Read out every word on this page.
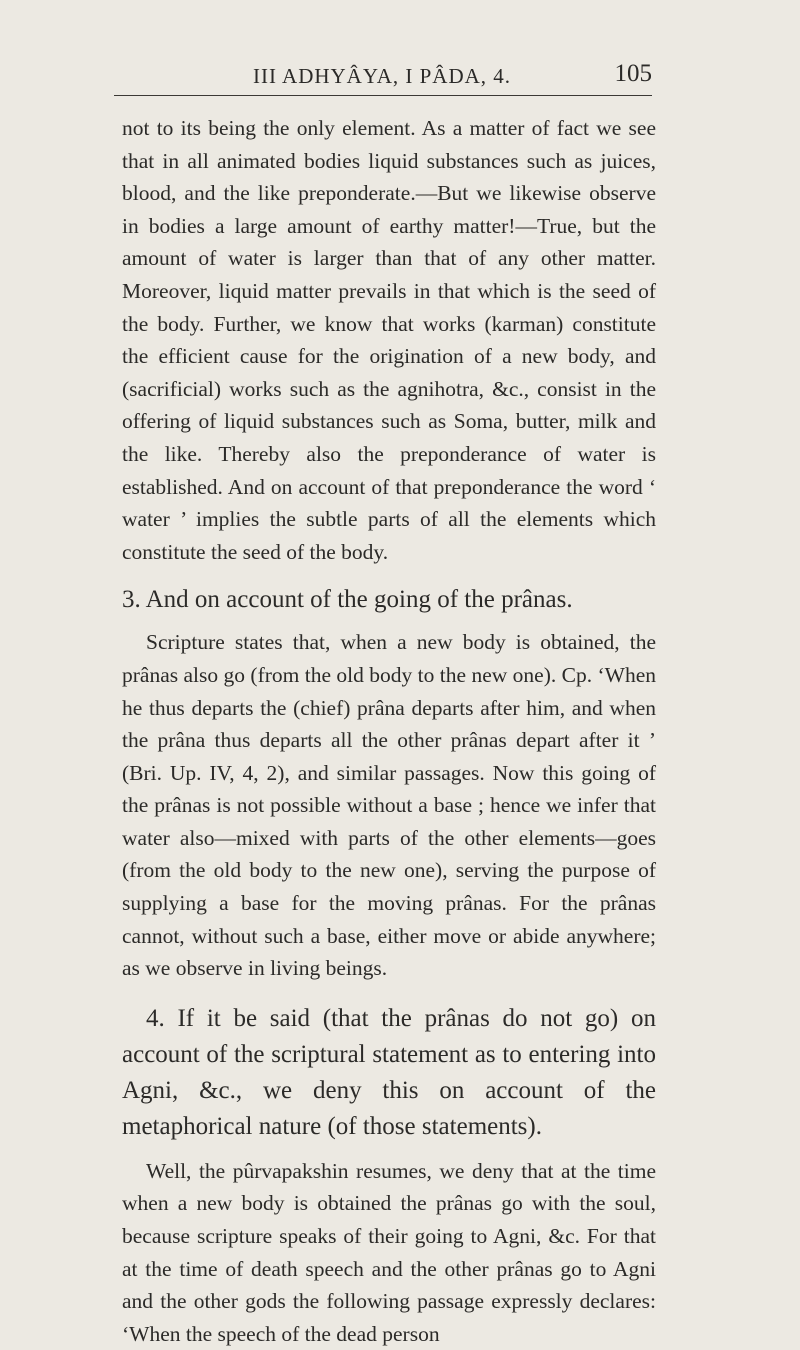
III ADHYÂYA, I PÂDA, 4.	105

not to its being the only element. As a matter of fact we see that in all animated bodies liquid substances such as juices, blood, and the like preponderate.—But we likewise observe in bodies a large amount of earthy matter!—True, but the amount of water is larger than that of any other matter. Moreover, liquid matter prevails in that which is the seed of the body. Further, we know that works (karman) constitute the efficient cause for the origination of a new body, and (sacrificial) works such as the agnihotra, &c., consist in the offering of liquid substances such as Soma, butter, milk and the like. Thereby also the preponderance of water is established. And on account of that preponderance the word ‘ water ’ implies the subtle parts of all the elements which constitute the seed of the body.

3. And on account of the going of the prânas.

Scripture states that, when a new body is obtained, the prânas also go (from the old body to the new one). Cp. ‘When he thus departs the (chief) prâna departs after him, and when the prâna thus departs all the other prânas depart after it ’ (Bri. Up. IV, 4, 2), and similar passages. Now this going of the prânas is not possible without a base ; hence we infer that water also—mixed with parts of the other elements—goes (from the old body to the new one), serving the purpose of supplying a base for the moving prânas. For the prânas cannot, without such a base, either move or abide anywhere; as we observe in living beings.

4. If it be said (that the prânas do not go) on account of the scriptural statement as to entering into Agni, &c., we deny this on account of the metaphorical nature (of those statements).

Well, the pûrvapakshin resumes, we deny that at the time when a new body is obtained the prânas go with the soul, because scripture speaks of their going to Agni, &c. For that at the time of death speech and the other prânas go to Agni and the other gods the following passage expressly declares: ‘When the speech of the dead person
